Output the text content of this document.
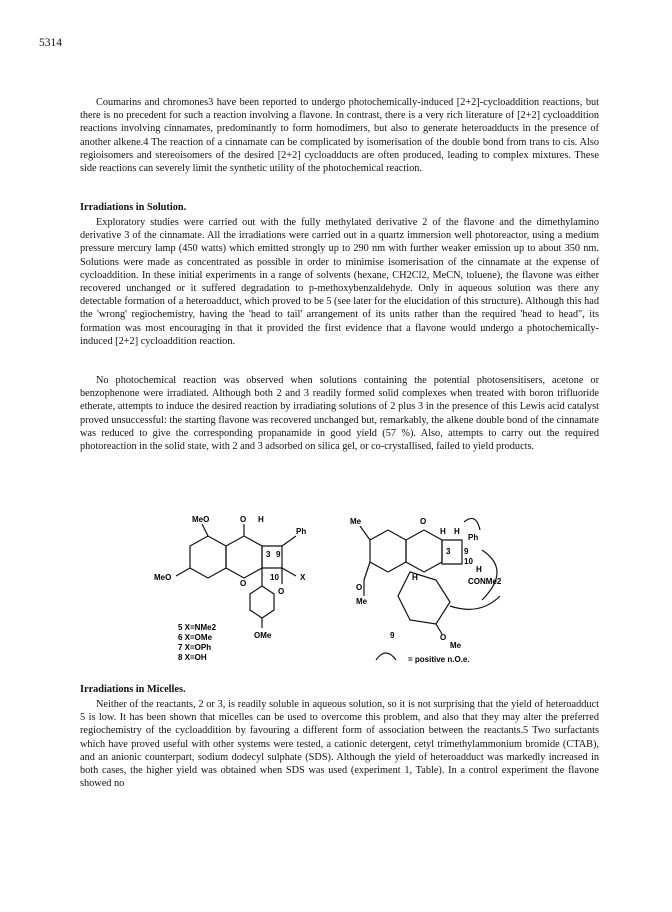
5314

Coumarins and chromones3 have been reported to undergo photochemically-induced [2+2]-cycloaddition reactions, but there is no precedent for such a reaction involving a flavone. In contrast, there is a very rich literature of [2+2] cycloaddition reactions involving cinnamates, predominantly to form homodimers, but also to generate heteroadducts in the presence of another alkene.4 The reaction of a cinnamate can be complicated by isomerisation of the double bond from trans to cis. Also regioisomers and stereoisomers of the desired [2+2] cycloadducts are often produced, leading to complex mixtures. These side reactions can severely limit the synthetic utility of the photochemical reaction.

Irradiations in Solution.

Exploratory studies were carried out with the fully methylated derivative 2 of the flavone and the dimethylamino derivative 3 of the cinnamate. All the irradiations were carried out in a quartz immersion well photoreactor, using a medium pressure mercury lamp (450 watts) which emitted strongly up to 290 nm with further weaker emission up to about 350 nm. Solutions were made as concentrated as possible in order to minimise isomerisation of the cinnamate at the expense of cycloaddition. In these initial experiments in a range of solvents (hexane, CH2Cl2, MeCN, toluene), the flavone was either recovered unchanged or it suffered degradation to p-methoxybenzaldehyde. Only in aqueous solution was there any detectable formation of a heteroadduct, which proved to be 5 (see later for the elucidation of this structure). Although this had the 'wrong' regiochemistry, having the 'head to tail' arrangement of its units rather than the required 'head to head", its formation was most encouraging in that it provided the first evidence that a flavone would undergo a photochemically-induced [2+2] cycloaddition reaction.

No photochemical reaction was observed when solutions containing the potential photosensitisers, acetone or benzophenone were irradiated. Although both 2 and 3 readily formed solid complexes when treated with boron trifluoride etherate, attempts to induce the desired reaction by irradiating solutions of 2 plus 3 in the presence of this Lewis acid catalyst proved unsuccessful: the starting flavone was recovered unchanged but, remarkably, the alkene double bond of the cinnamate was reduced to give the corresponding propanamide in good yield (57 %). Also, attempts to carry out the required photoreaction in the solid state, with 2 and 3 adsorbed on silica gel, or co-crystallised, failed to yield products.

MeO	O H
Ph
3 9
MeO
O
10	X
O
OMe
5 X=NMe2
6 X=OMe
7 X=OPh
8 X=OH
Me	O
H H
Ph
3 9
10
H
CONMe2
O
Me
H
O
Me
9
= positive n.O.e.

Irradiations in Micelles.

Neither of the reactants, 2 or 3, is readily soluble in aqueous solution, so it is not surprising that the yield of heteroadduct 5 is low. It has been shown that micelles can be used to overcome this problem, and also that they may alter the preferred regiochemistry of the cycloaddition by favouring a different form of association between the reactants.5 Two surfactants which have proved useful with other systems were tested, a cationic detergent, cetyl trimethylammonium bromide (CTAB), and an anionic counterpart, sodium dodecyl sulphate (SDS). Although the yield of heteroadduct was markedly increased in both cases, the higher yield was obtained when SDS was used (experiment 1, Table). In a control experiment the flavone showed no
